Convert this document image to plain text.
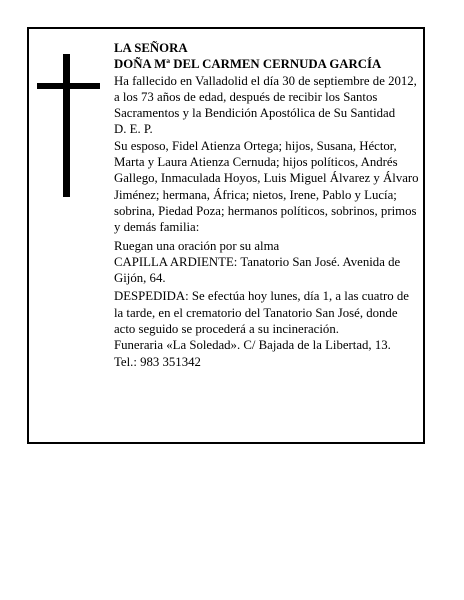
LA SEÑORA

DOÑA Mª DEL CARMEN CERNUDA GARCÍA

Ha fallecido en Valladolid el día 30 de septiembre de 2012, a los 73 años de edad, después de recibir los Santos Sacramentos y la Bendición Apostólica de Su Santidad

D. E. P.

Su esposo, Fidel Atienza Ortega; hijos, Susana, Héctor, Marta y Laura Atienza Cernuda; hijos políticos, Andrés Gallego, Inmaculada Hoyos, Luis Miguel Álvarez y Álvaro Jiménez; hermana, África; nietos, Irene, Pablo y Lucía; sobrina, Piedad Poza; hermanos políticos, sobrinos, primos y demás familia:

Ruegan una oración por su alma

CAPILLA ARDIENTE: Tanatorio San José. Avenida de Gijón, 64.

DESPEDIDA: Se efectúa hoy lunes, día 1, a las cuatro de la tarde, en el crematorio del Tanatorio San José, donde acto seguido se procederá a su incineración.

Funeraria «La Soledad». C/ Bajada de la Libertad, 13.

Tel.: 983 351342
